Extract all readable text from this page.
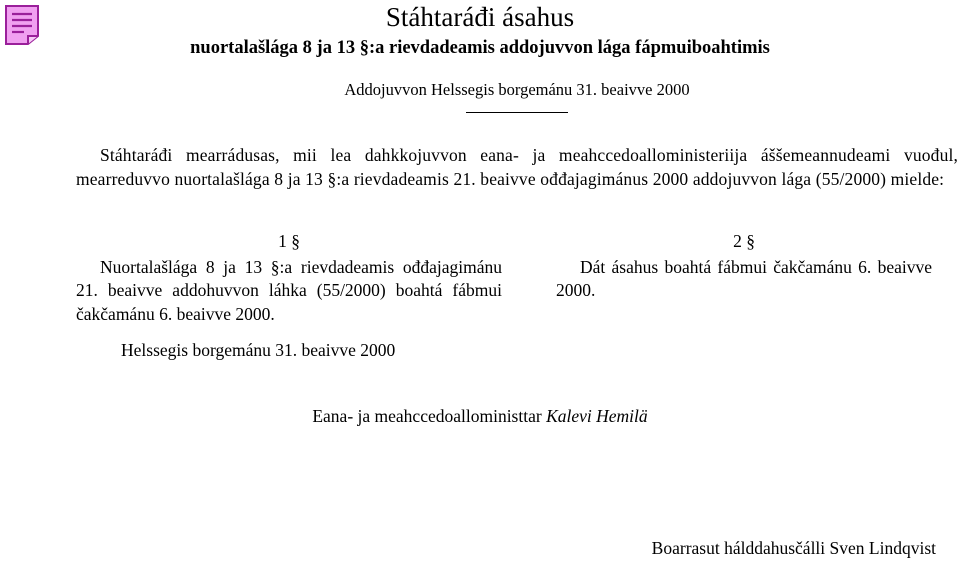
Stáhtaráđi ásahus
nuortalašlága 8 ja 13 §:a rievdadeamis addojuvvon lága fápmuiboahtimis
Addojuvvon Helssegis borgemánu 31. beaivve 2000
Stáhtaráđi mearrádusas, mii lea dahkkojuvvon eana- ja meahccedoalloministeriija áššemeannudeami vuođul, mearreduvvo nuortalašlága 8 ja 13 §:a rievdadeamis 21. beaivve ođđajagimánus 2000 addojuvvon lága (55/2000) mielde:
1 §
Nuortalašlága 8 ja 13 §:a rievdadeamis ođđajagimánu 21. beaivve addohuvvon láhka (55/2000) boahtá fábmui čakčamánu 6. beaivve 2000.
2 §
Dát ásahus boahtá fábmui čakčamánu 6. beaivve 2000.
Helssegis borgemánu 31. beaivve 2000
Eana- ja meahccedoalloministtar Kalevi Hemilä
Boarrasut hálddahusčálli Sven Lindqvist
